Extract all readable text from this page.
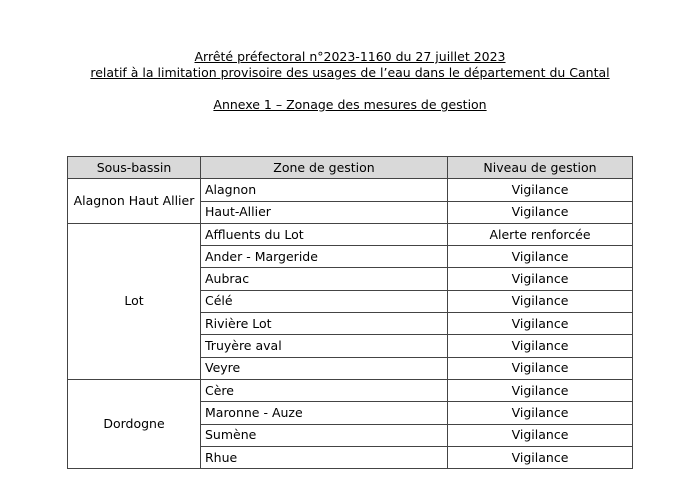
Arrêté préfectoral n°2023-1160 du 27 juillet 2023
relatif à la limitation provisoire des usages de l’eau dans le département du Cantal
Annexe 1 – Zonage des mesures de gestion
Sous-bassin	Zone de gestion	Niveau de gestion
Alagnon Haut Allier	Alagnon	Vigilance
	Haut-Allier	Vigilance
Lot	Affluents du Lot	Alerte renforcée
	Ander - Margeride	Vigilance
	Aubrac	Vigilance
	Célé	Vigilance
	Rivière Lot	Vigilance
	Truyère aval	Vigilance
	Veyre	Vigilance
Dordogne	Cère	Vigilance
	Maronne - Auze	Vigilance
	Sumène	Vigilance
	Rhue	Vigilance
